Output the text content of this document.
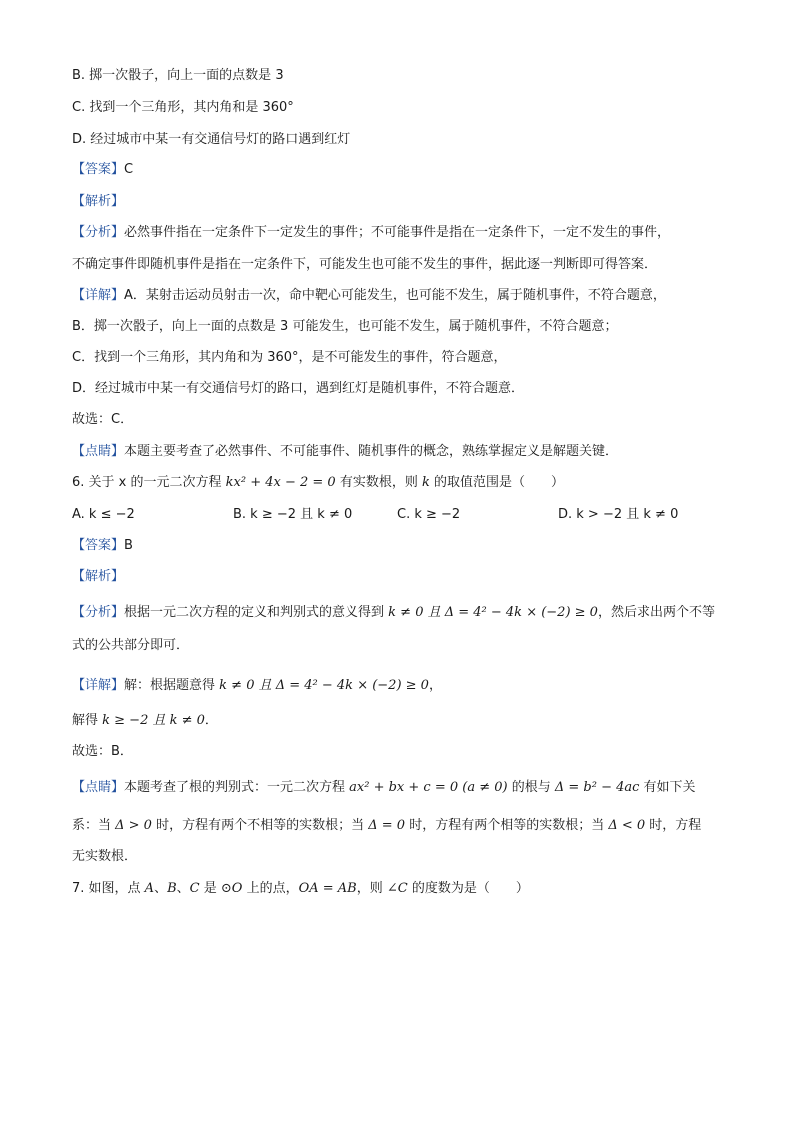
B. 掷一次骰子，向上一面的点数是 3
C. 找到一个三角形，其内角和是 360°
D. 经过城市中某一有交通信号灯的路口遇到红灯
【答案】C
【解析】
【分析】必然事件指在一定条件下一定发生的事件；不可能事件是指在一定条件下，一定不发生的事件，
不确定事件即随机事件是指在一定条件下，可能发生也可能不发生的事件，据此逐一判断即可得答案．
【详解】A．某射击运动员射击一次，命中靶心可能发生，也可能不发生，属于随机事件，不符合题意，
B．掷一次骰子，向上一面的点数是 3 可能发生，也可能不发生，属于随机事件，不符合题意；
C．找到一个三角形，其内角和为 360°，是不可能发生的事件，符合题意，
D．经过城市中某一有交通信号灯的路口，遇到红灯是随机事件，不符合题意．
故选：C．
【点睛】本题主要考查了必然事件、不可能事件、随机事件的概念，熟练掌握定义是解题关键．
6. 关于 x 的一元二次方程 kx² + 4x − 2 = 0 有实数根，则 k 的取值范围是（　　）
A. k ≤ −2	B. k ≥ −2 且 k ≠ 0	C. k ≥ −2	D. k > −2 且 k ≠ 0
【答案】B
【解析】
【分析】根据一元二次方程的定义和判别式的意义得到 k ≠ 0 且 Δ = 4² − 4k × (−2) ≥ 0，然后求出两个不等
式的公共部分即可．
【详解】解：根据题意得 k ≠ 0 且 Δ = 4² − 4k × (−2) ≥ 0，
解得 k ≥ −2 且 k ≠ 0．
故选：B．
【点睛】本题考查了根的判别式：一元二次方程 ax² + bx + c = 0 (a ≠ 0) 的根与 Δ = b² − 4ac 有如下关
系：当 Δ > 0 时，方程有两个不相等的实数根；当 Δ = 0 时，方程有两个相等的实数根；当 Δ < 0 时，方程
无实数根．
7. 如图，点 A、B、C 是 ⊙O 上的点，OA = AB，则 ∠C 的度数为是（　　）
